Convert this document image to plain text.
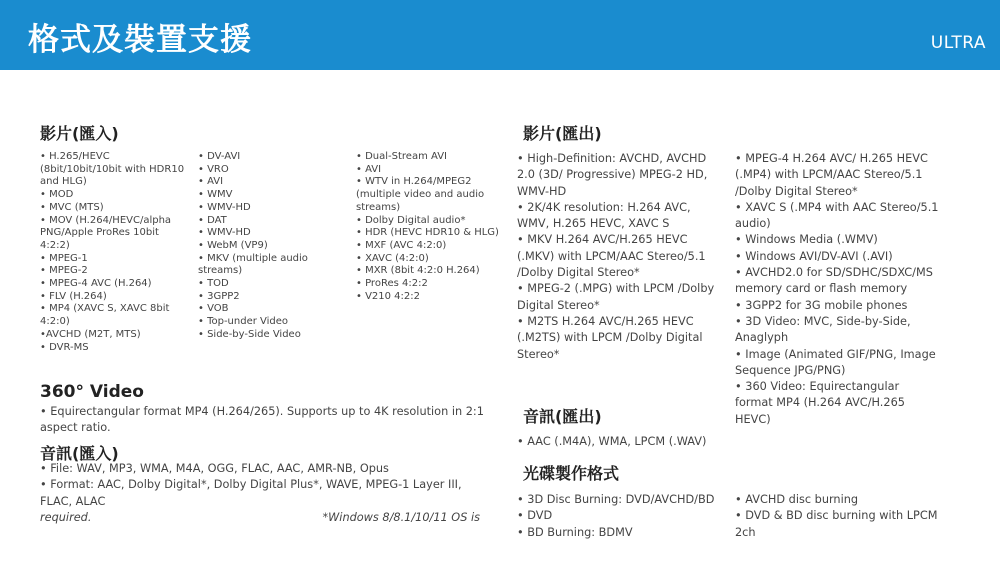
格式及裝置支援	ULTRA
影片(匯入)
• H.265/HEVC (8bit/10bit/10bit with HDR10 and HLG)
• MOD
• MVC (MTS)
• MOV (H.264/HEVC/alpha PNG/Apple ProRes 10bit 4:2:2)
• MPEG-1
• MPEG-2
• MPEG-4 AVC (H.264)
• FLV (H.264)
• MP4 (XAVC S, XAVC 8bit 4:2:0)
•AVCHD (M2T, MTS)
• DVR-MS
• DV-AVI
• VRO
• AVI
• WMV
• WMV-HD
• DAT
• WMV-HD
• WebM (VP9)
• MKV (multiple audio streams)
• TOD
• 3GPP2
• VOB
• Top-under Video
• Side-by-Side Video
• Dual-Stream AVI
• AVI
• WTV in H.264/MPEG2 (multiple video and audio streams)
• Dolby Digital audio*
• HDR (HEVC HDR10 & HLG)
• MXF (AVC 4:2:0)
• XAVC (4:2:0)
• MXR (8bit 4:2:0 H.264)
• ProRes 4:2:2
• V210 4:2:2
360° Video
• Equirectangular format MP4 (H.264/265). Supports up to 4K resolution in 2:1 aspect ratio.
音訊(匯入)
• File: WAV, MP3, WMA, M4A, OGG, FLAC, AAC, AMR-NB, Opus
• Format: AAC, Dolby Digital*, Dolby Digital Plus*, WAVE, MPEG-1 Layer III, FLAC, ALAC
*Windows 8/8.1/10/11 OS is
required.
影片(匯出)
• High-Definition: AVCHD, AVCHD 2.0 (3D/ Progressive) MPEG-2 HD, WMV-HD
• 2K/4K resolution: H.264 AVC, WMV, H.265 HEVC, XAVC S
• MKV H.264 AVC/H.265 HEVC (.MKV) with LPCM/AAC Stereo/5.1 /Dolby Digital Stereo*
• MPEG-2 (.MPG) with LPCM /Dolby Digital Stereo*
• M2TS H.264 AVC/H.265 HEVC (.M2TS) with LPCM /Dolby Digital Stereo*
• MPEG-4 H.264 AVC/ H.265 HEVC (.MP4) with LPCM/AAC Stereo/5.1 /Dolby Digital Stereo*
• XAVC S (.MP4 with AAC Stereo/5.1 audio)
• Windows Media (.WMV)
• Windows AVI/DV-AVI (.AVI)
• AVCHD2.0 for SD/SDHC/SDXC/MS memory card or flash memory
• 3GPP2 for 3G mobile phones
• 3D Video: MVC, Side-by-Side, Anaglyph
• Image (Animated GIF/PNG, Image Sequence JPG/PNG)
• 360 Video: Equirectangular format MP4 (H.264 AVC/H.265 HEVC)
音訊(匯出)
• AAC (.M4A), WMA, LPCM (.WAV)
光碟製作格式
• 3D Disc Burning: DVD/AVCHD/BD
• DVD
• BD Burning: BDMV
• AVCHD disc burning
• DVD & BD disc burning with LPCM 2ch
